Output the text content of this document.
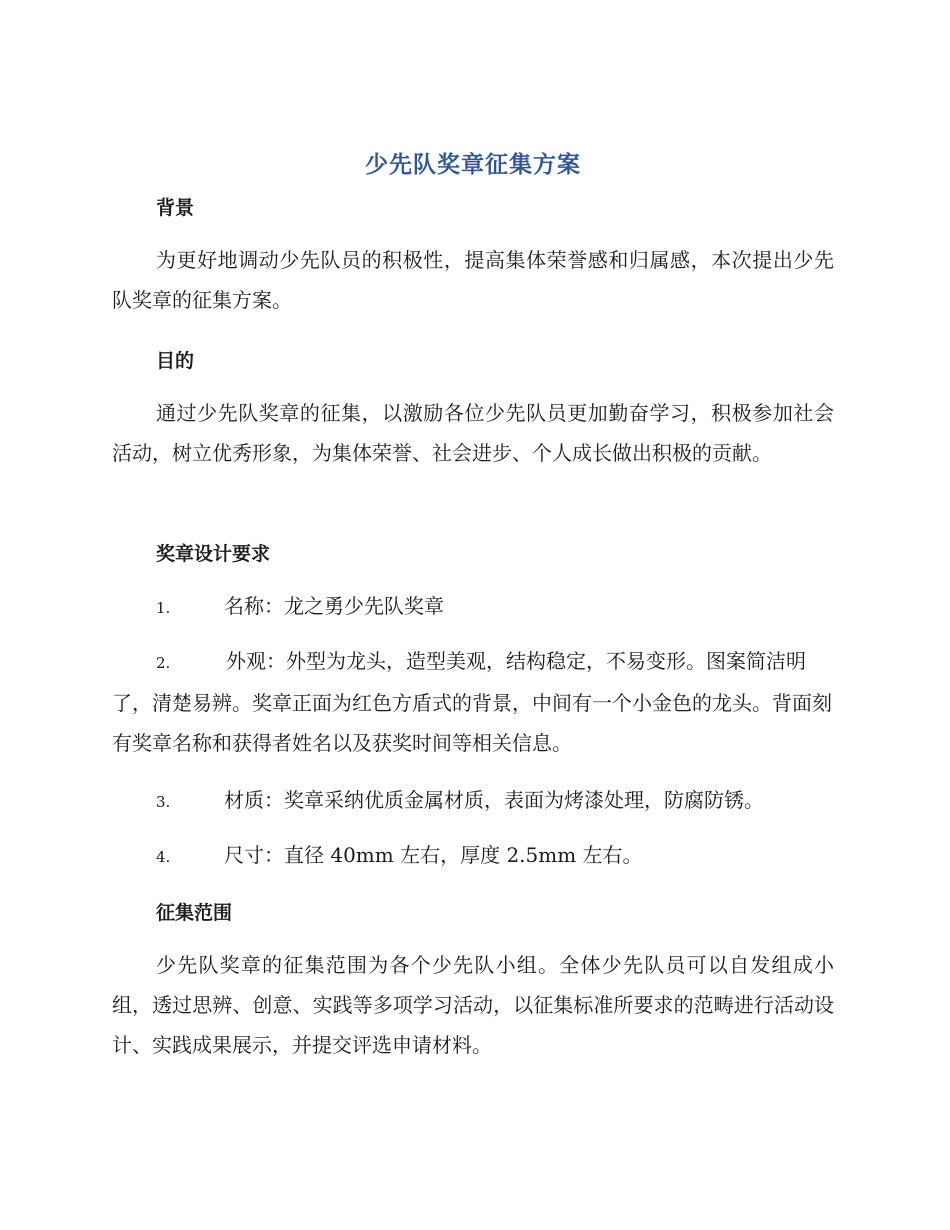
少先队奖章征集方案
背景
为更好地调动少先队员的积极性，提高集体荣誉感和归属感，本次提出少先队奖章的征集方案。
目的
通过少先队奖章的征集，以激励各位少先队员更加勤奋学习，积极参加社会活动，树立优秀形象，为集体荣誉、社会进步、个人成长做出积极的贡献。
奖章设计要求
1.	名称：龙之勇少先队奖章
2.	外观：外型为龙头，造型美观，结构稳定，不易变形。图案简洁明了，清楚易辨。奖章正面为红色方盾式的背景，中间有一个小金色的龙头。背面刻有奖章名称和获得者姓名以及获奖时间等相关信息。
3.	材质：奖章采纳优质金属材质，表面为烤漆处理，防腐防锈。
4.	尺寸：直径 40mm 左右，厚度 2.5mm 左右。
征集范围
少先队奖章的征集范围为各个少先队小组。全体少先队员可以自发组成小组，透过思辨、创意、实践等多项学习活动，以征集标准所要求的范畴进行活动设计、实践成果展示，并提交评选申请材料。
